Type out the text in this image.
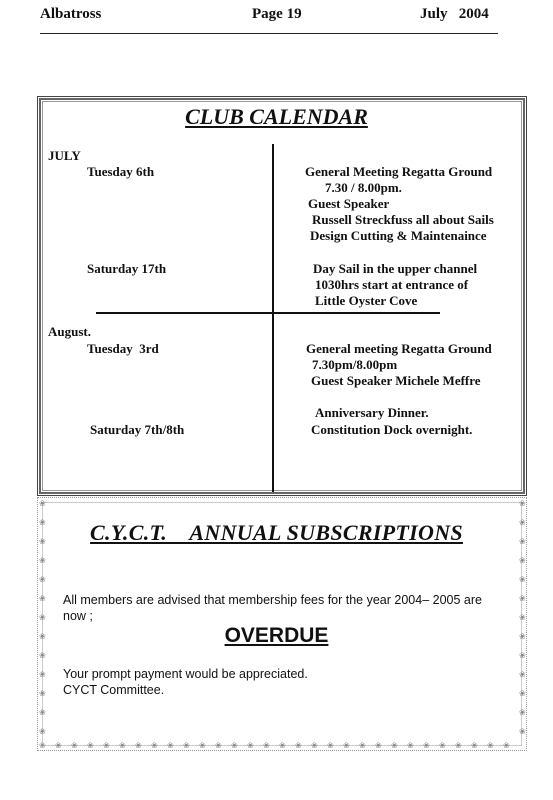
Albatross	Page 19	July   2004
CLUB CALENDAR
JULY
Tuesday 6th	General Meeting Regatta Ground
7.30 / 8.00pm.
Guest Speaker
Russell Streckfuss all about Sails
Design Cutting & Maintenaince
Saturday 17th	Day Sail in the upper channel
1030hrs start at entrance of
Little Oyster Cove
August.
Tuesday  3rd	General meeting Regatta Ground
7.30pm/8.00pm
Guest Speaker Michele Meffre
Anniversary Dinner.
Saturday 7th/8th	Constitution Dock overnight.
❀
❀
❀
❀
❀
❀
❀
❀
❀
❀
❀
❀
❀
❀
❀
❀
❀
❀
❀
❀
❀
❀
❀
❀
❀
❀
❀ ❀ ❀ ❀ ❀ ❀ ❀ ❀ ❀ ❀ ❀ ❀ ❀ ❀ ❀ ❀ ❀ ❀ ❀ ❀ ❀ ❀ ❀ ❀ ❀ ❀ ❀ ❀ ❀ ❀
C.Y.C.T.    ANNUAL SUBSCRIPTIONS
All members are advised that membership fees for the year 2004– 2005 are
now ;
OVERDUE
Your prompt payment would be appreciated.
CYCT Committee.
